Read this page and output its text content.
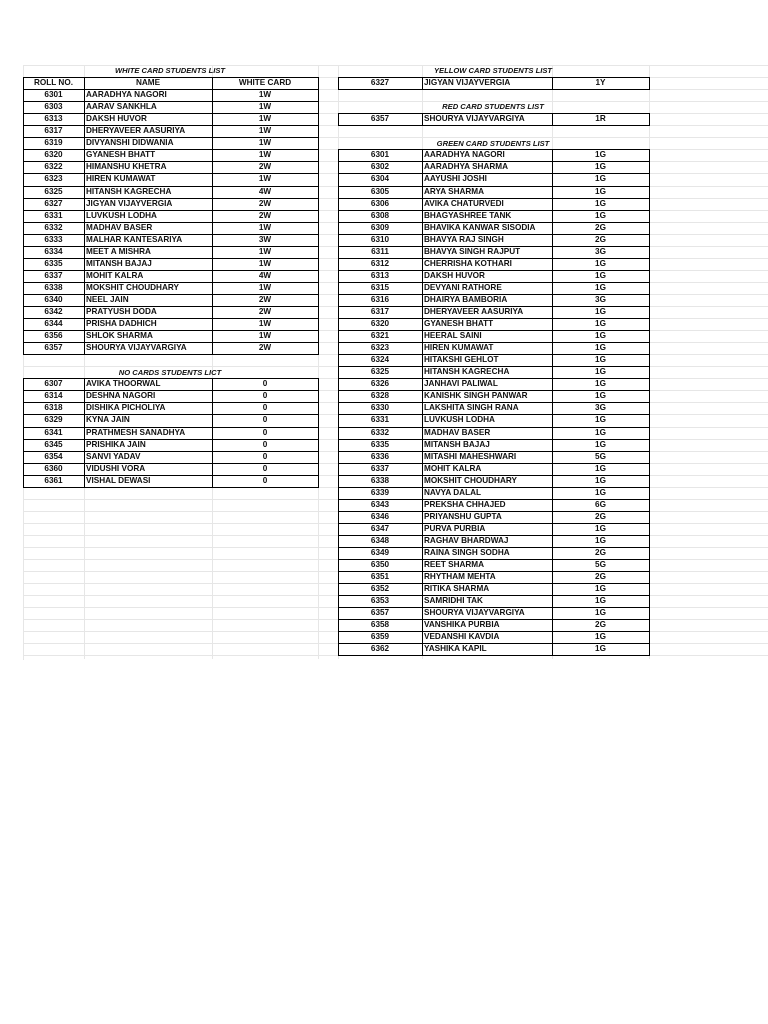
WHITE CARD STUDENTS LIST	YELLOW CARD STUDENTS LIST
RED CARD STUDENTS LIST
GREEN CARD STUDENTS LIST
NO CARDS STUDENTS LICT
ROLL NO.	NAME	WHITE CARD
6301	AARADHYA NAGORI	1W
6303	AARAV SANKHLA	1W
6313	DAKSH HUVOR	1W
6317	DHERYAVEER AASURIYA	1W
6319	DIVYANSHI DIDWANIA	1W
6320	GYANESH BHATT	1W
6322	HIMANSHU KHETRA	2W
6323	HIREN KUMAWAT	1W
6325	HITANSH KAGRECHA	4W
6327	JIGYAN VIJAYVERGIA	2W
6331	LUVKUSH LODHA	2W
6332	MADHAV BASER	1W
6333	MALHAR KANTESARIYA	3W
6334	MEET A MISHRA	1W
6335	MITANSH BAJAJ	1W
6337	MOHIT KALRA	4W
6338	MOKSHIT CHOUDHARY	1W
6340	NEEL JAIN	2W
6342	PRATYUSH DODA	2W
6344	PRISHA DADHICH	1W
6356	SHLOK SHARMA	1W
6357	SHOURYA VIJAYVARGIYA	2W
6307	AVIKA THOORWAL	0
6314	DESHNA NAGORI	0
6318	DISHIKA PICHOLIYA	0
6329	KYNA JAIN	0
6341	PRATHMESH SANADHYA	0
6345	PRISHIKA JAIN	0
6354	SANVI YADAV	0
6360	VIDUSHI VORA	0
6361	VISHAL DEWASI	0
6327	JIGYAN VIJAYVERGIA	1Y
6357	SHOURYA VIJAYVARGIYA	1R
6301	AARADHYA NAGORI	1G
6302	AARADHYA SHARMA	1G
6304	AAYUSHI JOSHI	1G
6305	ARYA SHARMA	1G
6306	AVIKA CHATURVEDI	1G
6308	BHAGYASHREE TANK	1G
6309	BHAVIKA KANWAR SISODIA	2G
6310	BHAVYA RAJ SINGH	2G
6311	BHAVYA SINGH RAJPUT	3G
6312	CHERRISHA KOTHARI	1G
6313	DAKSH HUVOR	1G
6315	DEVYANI RATHORE	1G
6316	DHAIRYA BAMBORIA	3G
6317	DHERYAVEER AASURIYA	1G
6320	GYANESH BHATT	1G
6321	HEERAL SAINI	1G
6323	HIREN KUMAWAT	1G
6324	HITAKSHI GEHLOT	1G
6325	HITANSH KAGRECHA	1G
6326	JANHAVI PALIWAL	1G
6328	KANISHK SINGH PANWAR	1G
6330	LAKSHITA SINGH RANA	3G
6331	LUVKUSH LODHA	1G
6332	MADHAV BASER	1G
6335	MITANSH BAJAJ	1G
6336	MITASHI MAHESHWARI	5G
6337	MOHIT KALRA	1G
6338	MOKSHIT CHOUDHARY	1G
6339	NAVYA DALAL	1G
6343	PREKSHA CHHAJED	6G
6346	PRIYANSHU GUPTA	2G
6347	PURVA PURBIA	1G
6348	RAGHAV BHARDWAJ	1G
6349	RAINA SINGH SODHA	2G
6350	REET SHARMA	5G
6351	RHYTHAM MEHTA	2G
6352	RITIKA SHARMA	1G
6353	SAMRIDHI TAK	1G
6357	SHOURYA VIJAYVARGIYA	1G
6358	VANSHIKA PURBIA	2G
6359	VEDANSHI KAVDIA	1G
6362	YASHIKA KAPIL	1G
